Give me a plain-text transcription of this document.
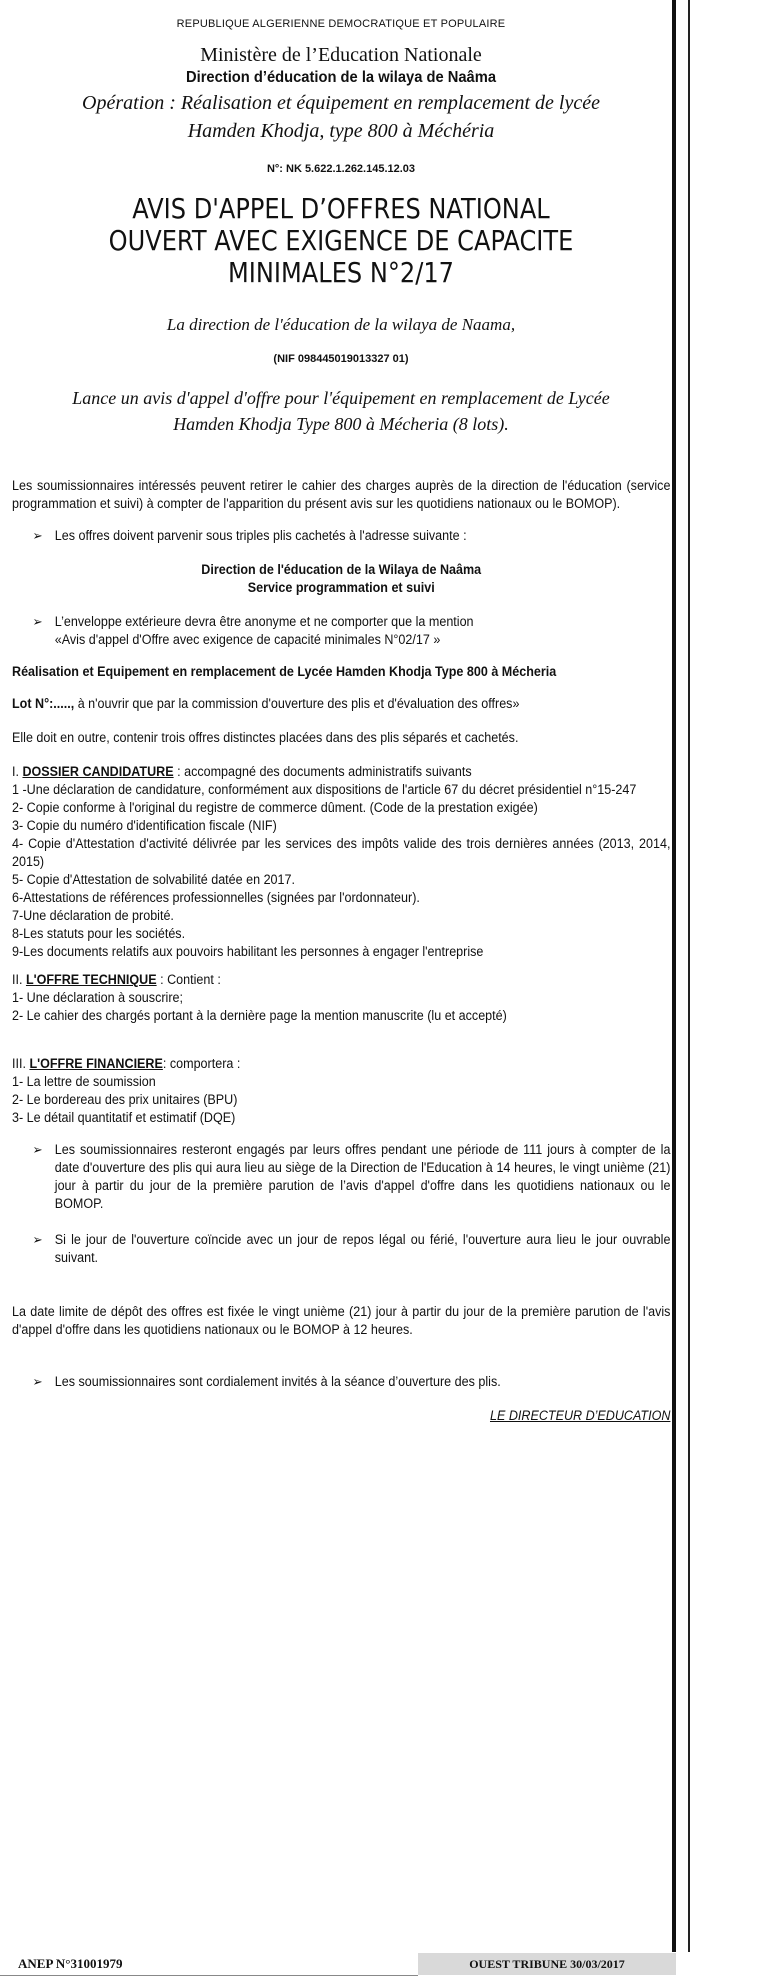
REPUBLIQUE ALGERIENNE DEMOCRATIQUE ET POPULAIRE
Ministère de l’Education Nationale
Direction d’éducation de la wilaya de Naâma
Opération : Réalisation et équipement en remplacement de lycée
Hamden Khodja, type 800 à Méchéria
N°: NK 5.622.1.262.145.12.03
AVIS D'APPEL D’OFFRES NATIONAL
OUVERT AVEC EXIGENCE DE CAPACITE
MINIMALES N°2/17
La direction de l'éducation de la wilaya de Naama,
(NIF 098445019013327 01)
Lance un avis d'appel d'offre pour l'équipement en remplacement de Lycée
Hamden Khodja Type 800 à Mécheria (8 lots).

Les soumissionnaires intéressés peuvent retirer le cahier des charges auprès de la direction de l'éducation (service programmation et suivi) à compter de l'apparition du présent avis sur les quotidiens nationaux ou le BOMOP).

➢ Les offres doivent parvenir sous triples plis cachetés à l'adresse suivante :
Direction de l'éducation de la Wilaya de Naâma
Service programmation et suivi
➢ L’enveloppe extérieure devra être anonyme et ne comporter que la mention
«Avis d'appel d'Offre avec exigence de capacité minimales N°02/17 »

Réalisation et Equipement en remplacement de Lycée Hamden Khodja Type 800 à Mécheria

Lot N°:....., à n'ouvrir que par la commission d'ouverture des plis et d'évaluation des offres»

Elle doit en outre, contenir trois offres distinctes placées dans des plis séparés et cachetés.

I. DOSSIER CANDIDATURE : accompagné des documents administratifs suivants

1 -Une déclaration de candidature, conformément aux dispositions de l'article 67 du décret présidentiel n°15-247

2- Copie conforme à l'original du registre de commerce dûment. (Code de la prestation exigée)

3- Copie du numéro d'identification fiscale (NIF)

4- Copie d'Attestation d'activité délivrée par les services des impôts valide des trois dernières années (2013, 2014, 2015)

5- Copie d'Attestation de solvabilité datée en 2017.

6-Attestations de références professionnelles (signées par l'ordonnateur).

7-Une déclaration de probité.

8-Les statuts pour les sociétés.

9-Les documents relatifs aux pouvoirs habilitant les personnes à engager l'entreprise

II. L'OFFRE TECHNIQUE : Contient :

1- Une déclaration à souscrire;

2- Le cahier des chargés portant à la dernière page la mention manuscrite (lu et accepté)

III. L'OFFRE FINANCIERE: comportera :

1- La lettre de soumission

2- Le bordereau des prix unitaires (BPU)

3- Le détail quantitatif et estimatif (DQE)

➢ Les soumissionnaires resteront engagés par leurs offres pendant une période de 111 jours à compter de la date d'ouverture des plis qui aura lieu au siège de la Direction de l'Education à 14 heures, le vingt unième (21) jour à partir du jour de la première parution de l’avis d'appel d'offre dans les quotidiens nationaux ou le BOMOP.

➢ Si le jour de l'ouverture coïncide avec un jour de repos légal ou férié, l'ouverture aura lieu le jour ouvrable suivant.

La date limite de dépôt des offres est fixée le vingt unième (21) jour à partir du jour de la première parution de l'avis d'appel d'offre dans les quotidiens nationaux ou le BOMOP à 12 heures.

➢ Les soumissionnaires sont cordialement invités à la séance d’ouverture des plis.

LE DIRECTEUR D’EDUCATION

ANEP N°31001979	OUEST TRIBUNE 30/03/2017
